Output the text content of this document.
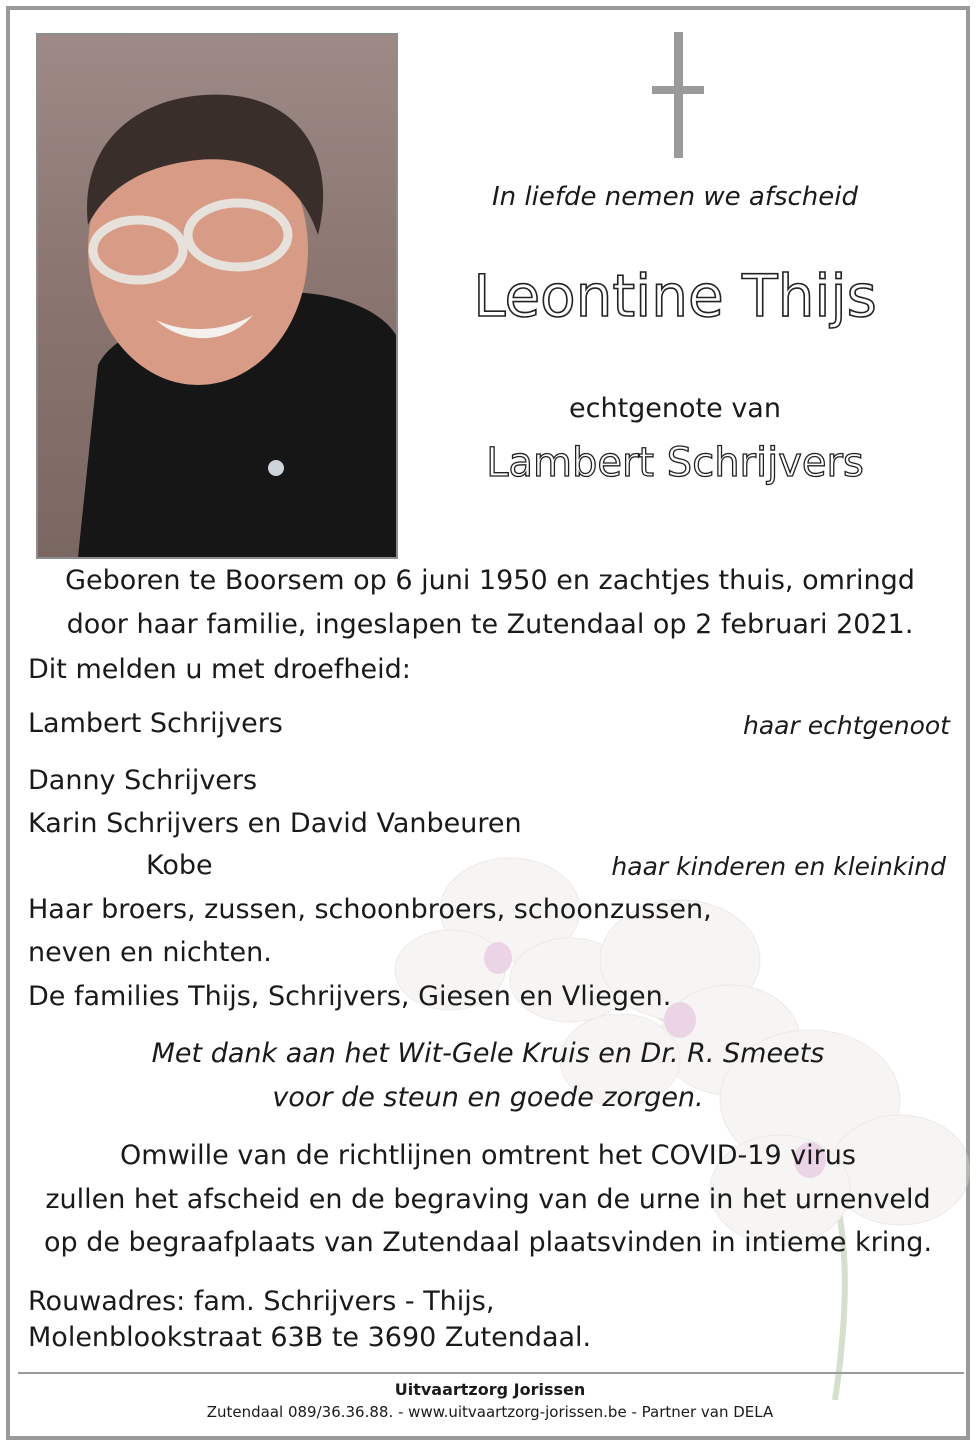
In liefde nemen we afscheid
Leontine Thijs
echtgenote van
Lambert Schrijvers
Geboren te Boorsem op 6 juni 1950 en zachtjes thuis, omringd
door haar familie, ingeslapen te Zutendaal op 2 februari 2021.
Dit melden u met droefheid:
Lambert Schrijvers	haar echtgenoot
Danny Schrijvers
Karin Schrijvers en David Vanbeuren
Kobe	haar kinderen en kleinkind
Haar broers, zussen, schoonbroers, schoonzussen,
neven en nichten.
De families Thijs, Schrijvers, Giesen en Vliegen.
Met dank aan het Wit-Gele Kruis en Dr. R. Smeets
voor de steun en goede zorgen.
Omwille van de richtlijnen omtrent het COVID-19 virus
zullen het afscheid en de begraving van de urne in het urnenveld
op de begraafplaats van Zutendaal plaatsvinden in intieme kring.
Rouwadres: fam. Schrijvers - Thijs,
Molenblookstraat 63B te 3690 Zutendaal.
Uitvaartzorg Jorissen
Zutendaal 089/36.36.88. - www.uitvaartzorg-jorissen.be - Partner van DELA
